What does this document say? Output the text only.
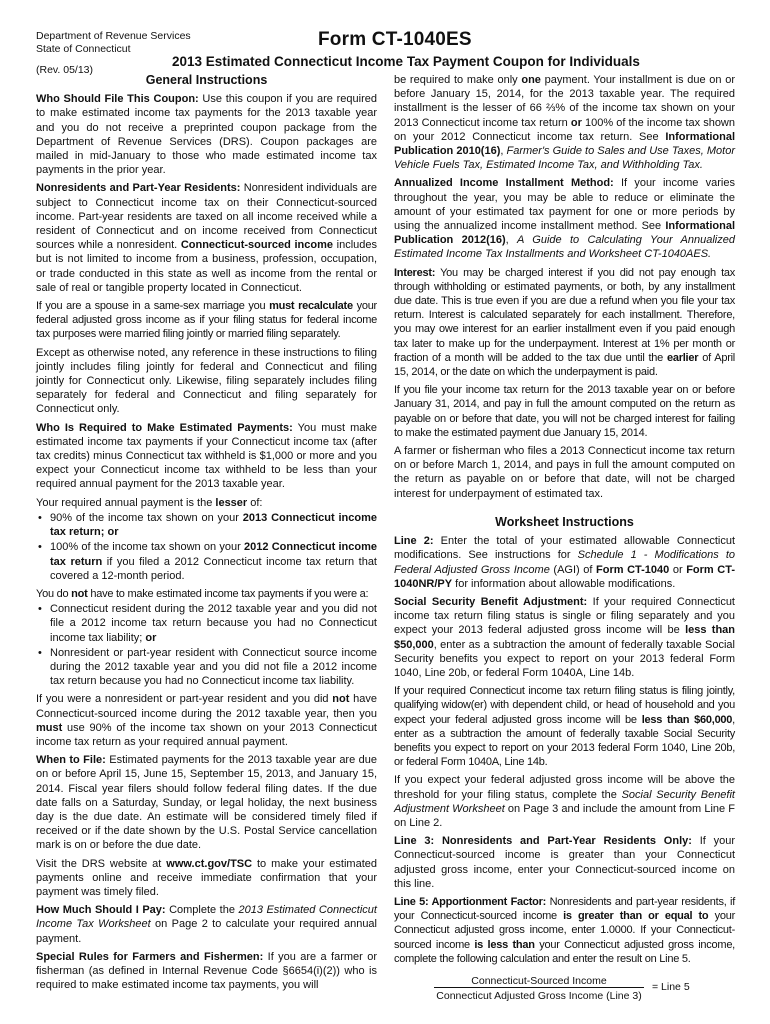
Department of Revenue Services
State of Connecticut
(Rev. 05/13)
Form CT-1040ES
2013 Estimated Connecticut Income Tax Payment Coupon for Individuals
General Instructions

Who Should File This Coupon: Use this coupon if you are required to make estimated income tax payments for the 2013 taxable year and you do not receive a preprinted coupon package from the Department of Revenue Services (DRS). Coupon packages are mailed in mid-January to those who made estimated income tax payments in the prior year.

Nonresidents and Part-Year Residents: Nonresident individuals are subject to Connecticut income tax on their Connecticut-sourced income. Part-year residents are taxed on all income received while a resident of Connecticut and on income received from Connecticut sources while a nonresident. Connecticut-sourced income includes but is not limited to income from a business, profession, occupation, or trade conducted in this state as well as income from the rental or sale of real or tangible property located in Connecticut.

If you are a spouse in a same-sex marriage you must recalculate your federal adjusted gross income as if your filing status for federal income tax purposes were married filing jointly or married filing separately.

Except as otherwise noted, any reference in these instructions to filing jointly includes filing jointly for federal and Connecticut and filing jointly for Connecticut only. Likewise, filing separately includes filing separately for federal and Connecticut and filing separately for Connecticut only.

Who Is Required to Make Estimated Payments: You must make estimated income tax payments if your Connecticut income tax (after tax credits) minus Connecticut tax withheld is $1,000 or more and you expect your Connecticut income tax withheld to be less than your required annual payment for the 2013 taxable year.

Your required annual payment is the lesser of:

• 90% of the income tax shown on your 2013 Connecticut income tax return; or
• 100% of the income tax shown on your 2012 Connecticut income tax return if you filed a 2012 Connecticut income tax return that covered a 12-month period.

You do not have to make estimated income tax payments if you were a:

• Connecticut resident during the 2012 taxable year and you did not file a 2012 income tax return because you had no Connecticut income tax liability; or
• Nonresident or part-year resident with Connecticut source income during the 2012 taxable year and you did not file a 2012 income tax return because you had no Connecticut income tax liability.

If you were a nonresident or part-year resident and you did not have Connecticut-sourced income during the 2012 taxable year, then you must use 90% of the income tax shown on your 2013 Connecticut income tax return as your required annual payment.

When to File: Estimated payments for the 2013 taxable year are due on or before April 15, June 15, September 15, 2013, and January 15, 2014. Fiscal year filers should follow federal filing dates. If the due date falls on a Saturday, Sunday, or legal holiday, the next business day is the due date. An estimate will be considered timely filed if received or if the date shown by the U.S. Postal Service cancellation mark is on or before the due date.

Visit the DRS website at www.ct.gov/TSC to make your estimated payments online and receive immediate confirmation that your payment was timely filed.

How Much Should I Pay: Complete the 2013 Estimated Connecticut Income Tax Worksheet on Page 2 to calculate your required annual payment.

Special Rules for Farmers and Fishermen: If you are a farmer or fisherman (as defined in Internal Revenue Code §6654(i)(2)) who is required to make estimated income tax payments, you will

be required to make only one payment. Your installment is due on or before January 15, 2014, for the 2013 taxable year. The required installment is the lesser of 66 ⅔% of the income tax shown on your 2013 Connecticut income tax return or 100% of the income tax shown on your 2012 Connecticut income tax return. See Informational Publication 2010(16), Farmer's Guide to Sales and Use Taxes, Motor Vehicle Fuels Tax, Estimated Income Tax, and Withholding Tax.

Annualized Income Installment Method: If your income varies throughout the year, you may be able to reduce or eliminate the amount of your estimated tax payment for one or more periods by using the annualized income installment method. See Informational Publication 2012(16), A Guide to Calculating Your Annualized Estimated Income Tax Installments and Worksheet CT-1040AES.

Interest: You may be charged interest if you did not pay enough tax through withholding or estimated payments, or both, by any installment due date. This is true even if you are due a refund when you file your tax return. Interest is calculated separately for each installment. Therefore, you may owe interest for an earlier installment even if you paid enough tax later to make up for the underpayment. Interest at 1% per month or fraction of a month will be added to the tax due until the earlier of April 15, 2014, or the date on which the underpayment is paid.

If you file your income tax return for the 2013 taxable year on or before January 31, 2014, and pay in full the amount computed on the return as payable on or before that date, you will not be charged interest for failing to make the estimated payment due January 15, 2014.

A farmer or fisherman who files a 2013 Connecticut income tax return on or before March 1, 2014, and pays in full the amount computed on the return as payable on or before that date, will not be charged interest for underpayment of estimated tax.

Worksheet Instructions

Line 2: Enter the total of your estimated allowable Connecticut modifications. See instructions for Schedule 1 - Modifications to Federal Adjusted Gross Income (AGI) of Form CT-1040 or Form CT-1040NR/PY for information about allowable modifications.

Social Security Benefit Adjustment: If your required Connecticut income tax return filing status is single or filing separately and you expect your 2013 federal adjusted gross income will be less than $50,000, enter as a subtraction the amount of federally taxable Social Security benefits you expect to report on your 2013 federal Form 1040, Line 20b, or federal Form 1040A, Line 14b.

If your required Connecticut income tax return filing status is filing jointly, qualifying widow(er) with dependent child, or head of household and you expect your federal adjusted gross income will be less than $60,000, enter as a subtraction the amount of federally taxable Social Security benefits you expect to report on your 2013 federal Form 1040, Line 20b, or federal Form 1040A, Line 14b.

If you expect your federal adjusted gross income will be above the threshold for your filing status, complete the Social Security Benefit Adjustment Worksheet on Page 3 and include the amount from Line F on Line 2.

Line 3: Nonresidents and Part-Year Residents Only: If your Connecticut-sourced income is greater than your Connecticut adjusted gross income, enter your Connecticut-sourced income on this line.

Line 5: Apportionment Factor: Nonresidents and part-year residents, if your Connecticut-sourced income is greater than or equal to your Connecticut adjusted gross income, enter 1.0000. If your Connecticut-sourced income is less than your Connecticut adjusted gross income, complete the following calculation and enter the result on Line 5.

Connecticut-Sourced Income
Connecticut Adjusted Gross Income (Line 3)
= Line 5
